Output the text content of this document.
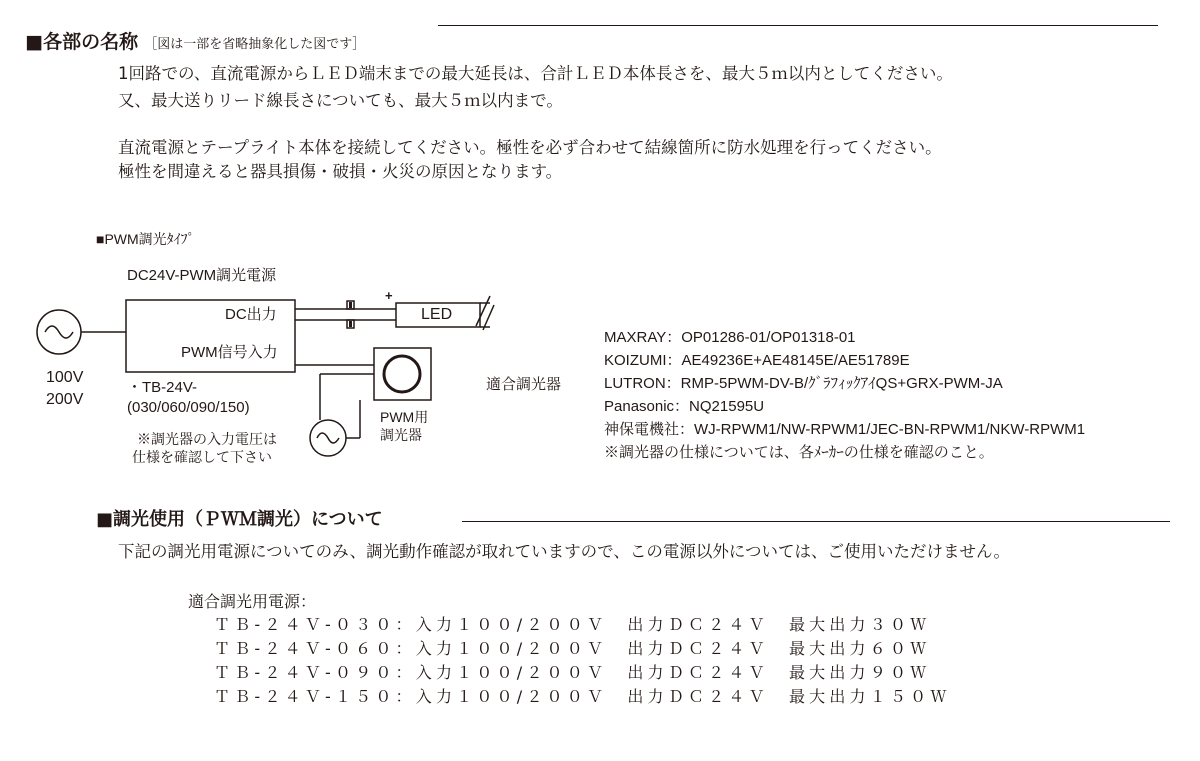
■各部の名称 ［図は一部を省略抽象化した図です］

1回路での、直流電源からＬＥＤ端末までの最大延長は、合計ＬＥＤ本体長さを、最大５ｍ以内としてください。
又、最大送りリード線長さについても、最大５ｍ以内まで。
直流電源とテープライト本体を接続してください。極性を必ず合わせて結線箇所に防水処理を行ってください。
極性を間違えると器具損傷・破損・火災の原因となります。
■PWM調光ﾀｲﾌﾟ
DC24V-PWM調光電源
DC出力
PWM信号入力
+
LED
100V
200V
・TB-24V-
(030/060/090/150)
PWM用
調光器
※調光器の入力電圧は
仕様を確認して下さい
適合調光器
MAXRAY：OP01286-01/OP01318-01
KOIZUMI：AE49236E+AE48145E/AE51789E
LUTRON：RMP-5PWM-DV-B/ｸﾞﾗﾌｨｯｸｱｲQS+GRX-PWM-JA
Panasonic：NQ21595U
神保電機社：WJ-RPWM1/NW-RPWM1/JEC-BN-RPWM1/NKW-RPWM1
※調光器の仕様については、各ﾒｰｶｰの仕様を確認のこと。
■調光使用（ＰＷＭ調光）について
下記の調光用電源についてのみ、調光動作確認が取れていますので、この電源以外については、ご使用いただけません。
適合調光用電源：
ＴＢ-２４Ｖ-０３０：入力１００/２００Ｖ　出力ＤＣ２４Ｖ　最大出力３０Ｗ
ＴＢ-２４Ｖ-０６０：入力１００/２００Ｖ　出力ＤＣ２４Ｖ　最大出力６０Ｗ
ＴＢ-２４Ｖ-０９０：入力１００/２００Ｖ　出力ＤＣ２４Ｖ　最大出力９０Ｗ
ＴＢ-２４Ｖ-１５０：入力１００/２００Ｖ　出力ＤＣ２４Ｖ　最大出力１５０Ｗ
